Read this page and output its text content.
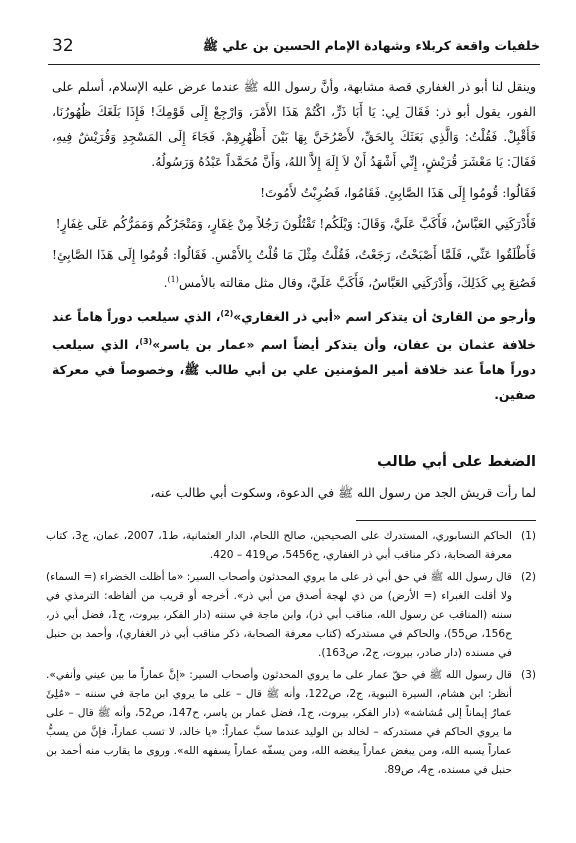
32	خلفيات واقعة كربلاء وشهادة الإمام الحسين بن علي ﷺ

وينقل لنا أبو ذر الغفاري قصة مشابهة، وأنَّ رسول الله ﷺ عندما عرض عليه الإسلام، أسلم على الفور، يقول أبو ذر: فَقَالَ لِي: يَا أَبَا ذَرٍّ، اكْتُمْ هَذَا الأَمْرَ، وَارْجِعْ إِلَى قَوْمِكَ! فَإِذَا بَلَغَكَ ظُهُورُنَا، فَأَقْبِلْ. فَقُلْتُ: وَالَّذِي بَعَثَكَ بِالحَقِّ، لأَصْرُخَنَّ بِهَا بَيْنَ أَظْهُرِهِمْ. فَجَاءَ إِلَى المَسْجِدِ وَقُرَيْشٌ فِيهِ، فَقَالَ: يَا مَعْشَرَ قُرَيْشٍ، إِنِّي أَشْهَدُ أَنْ لاَ إِلَهَ إِلاَّ اللهُ، وَأَنَّ مُحَمَّداً عَبْدُهُ وَرَسُولُهُ.

فَقَالُوا: قُومُوا إِلَى هَذَا الصَّابِئِ. فَقَامُوا، فَضُرِبْتُ لأَمُوتَ!

فَأَدْرَكَنِي العَبَّاسُ، فَأَكَبَّ عَلَيَّ، وَقَالَ: وَيْلَكُم! تَقْتُلُونَ رَجُلاً مِنْ غِفَارٍ، وَمَتْجَرُكُم وَمَمَرُّكُم عَلَى غِفَارٍ!

فَأَطْلَقُوا عَنِّي، فَلَمَّا أَصْبَحْتُ، رَجَعْتُ، فَقُلْتُ مِثْلَ مَا قُلْتُ بِالأَمْسِ. فَقَالُوا: قُومُوا إِلَى هَذَا الصَّابِئِ! فَصُنِعَ بِي كَذَلِكَ، وَأَدْرَكَنِي العَبَّاسُ، فَأَكَبَّ عَلَيَّ، وقال مثل مقالته بالأمس$^{(1)}$.

وأرجو من القارئ أن يتذكر اسم «أبي ذر الغفاري»$^{(2)}$، الذي سيلعب دوراً هاماً عند خلافة عثمان بن عفان، وأن يتذكر أيضاً اسم «عمار بن ياسر»$^{(3)}$، الذي سيلعب دوراً هاماً عند خلافة أمير المؤمنين علي بن أبي طالب ﷺ، وخصوصاً في معركة صفين.

الضغط على أبي طالب
لما رأت قريش الجد من رسول الله ﷺ في الدعوة، وسكوت أبي طالب عنه،
(1)
الحاكم النسابوري، المستدرك على الصحيحين، صالح اللحام، الدار العثمانية، ط1، 2007، عمان، ج3، كتاب معرفة الصحابة، ذكر مناقب أبي ذر الغفاري، ح5456، ص419 – 420.
(2)
قال رسول الله ﷺ في حق أبي ذر على ما يروي المحدثون وأصحاب السير: «ما أظلت الخضراء (= السماء) ولا أقلت الغبراء (= الأرض) من ذي لهجة أصدق من أبي ذر». أخرجه أو قريب من ألفاظه: الترمذي في سننه (المناقب عن رسول الله، مناقب أبي ذر)، وابن ماجة في سننه (دار الفكر، بيروت، ج1، فضل أبي ذر، ح156، ص55)، والحاكم في مستدركه (كتاب معرفة الصحابة، ذكر مناقب أبي ذر الغفاري)، وأحمد بن حنبل في مسنده (دار صادر، بيروت، ج2، ص163).
(3)
قال رسول الله ﷺ في حقّ عمار على ما يروي المحدثون وأصحاب السير: «إنَّ عماراً ما بين عيني وأنفي». أنظر: ابن هشام، السيرة النبوية، ج2، ص122، وأنه ﷺ قال – على ما يروي ابن ماجة في سننه – «مُلِئَ عمارٌ إيماناً إلى مُشاشه» (دار الفكر، بيروت، ج1، فضل عمار بن ياسر، ح147، ص52، وأنه ﷺ قال – على ما يروي الحاكم في مستدركه – لخالد بن الوليد عندما سبَّ عماراً: «يا خالد، لا تسب عماراً، فإنَّ من يسبُّ عماراً يسبه الله، ومن يبغض عماراً يبغضه الله، ومن يسفّه عماراً يسفهه الله». وروى ما يقارب منه أحمد بن حنبل في مسنده، ج4، ص89.
